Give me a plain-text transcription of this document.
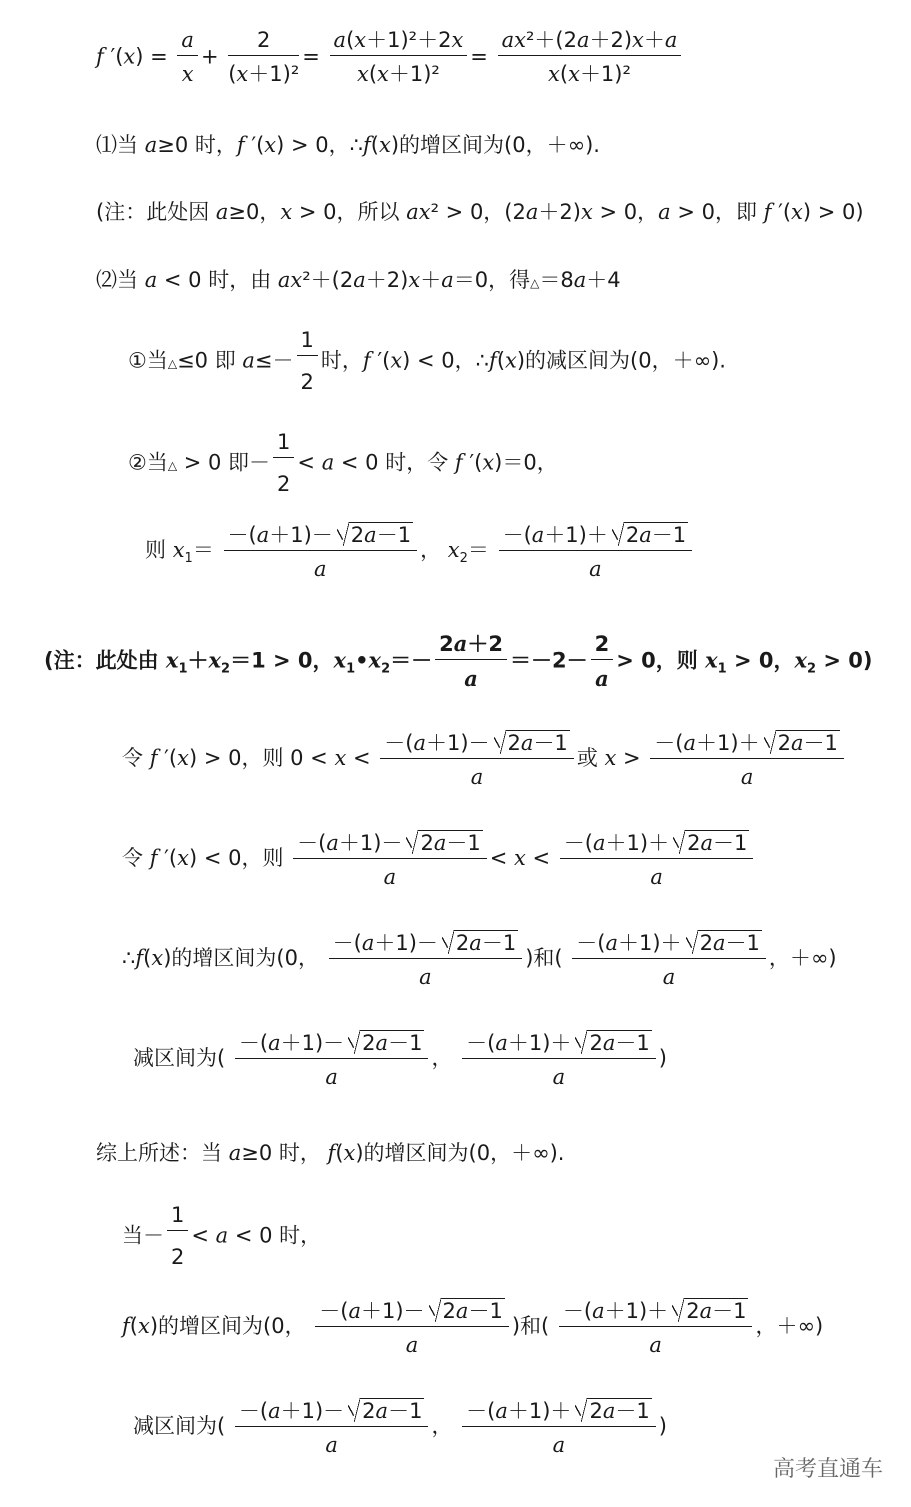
f $'(x) = \frac{a}{x} + \frac{2}{\text{(x＋1)²}} = \frac{\text{a(x＋1)²＋2x}}{\text{x(x＋1)²}} = \frac{\text{ax²＋(2a＋2)x＋a}}{\text{x(x＋1)²}}$
⑴当 a≥0 时，f ′(x) > 0，∴f(x)的增区间为(0，＋∞).
(注：此处因 a≥0，x > 0，所以 ax² > 0，(2a＋2)x > 0，a > 0，即 f ′(x) > 0)
⑵当 a < 0 时，由 ax²＋(2a＋2)x＋a＝0，得△＝8a＋4
①当△≤0 即 $a\le- \frac{1}{2}$ 时，f ′(x) < 0，∴f(x)的减区间为(0，＋∞).
②当△ > 0 即－ $\frac{1}{2} < a < 0$ 时，令 f ′(x)＝0，
则 $x_1= \frac{-(a+1)- 2a-1}{a}$ ， $x_2= \frac{-(a+1)+ 2a-1}{a}$
(注：此处由 $x_1+x_2=1 > 0$，$x_1•x_2=- \frac{2a+2}{a} =-2- \frac{2}{a} > 0$，则 $x_1 > 0$，$x_2 > 0$)
令 f ′(x) > 0，则 $0 < x < \frac{-(a+1)- 2a-1}{a}$ 或 $x > \frac{-(a+1)+ 2a-1}{a}$
令 f ′(x) < 0，则 $\frac{-(a+1)- 2a-1}{a} < x < \frac{-(a+1)+ 2a-1}{a}$
∴f(x)的增区间为(0， $\frac{-(a+1)- 2a-1}{a}$ )和( $\frac{-(a+1)+ 2a-1}{a}$ ，＋∞)
减区间为( $\frac{-(a+1)- 2a-1}{a}$ ， $\frac{-(a+1)+ 2a-1}{a}$ )
综上所述：当 a≥0 时， f(x)的增区间为(0，＋∞).
当－ $\frac{1}{2} < a < 0$ 时，
f(x)的增区间为(0， $\frac{-(a+1)- 2a-1}{a}$ )和( $\frac{-(a+1)+ 2a-1}{a}$ ，＋∞)
减区间为( $\frac{-(a+1)- 2a-1}{a}$ ， $\frac{-(a+1)+ 2a-1}{a}$ )
高考直通车
